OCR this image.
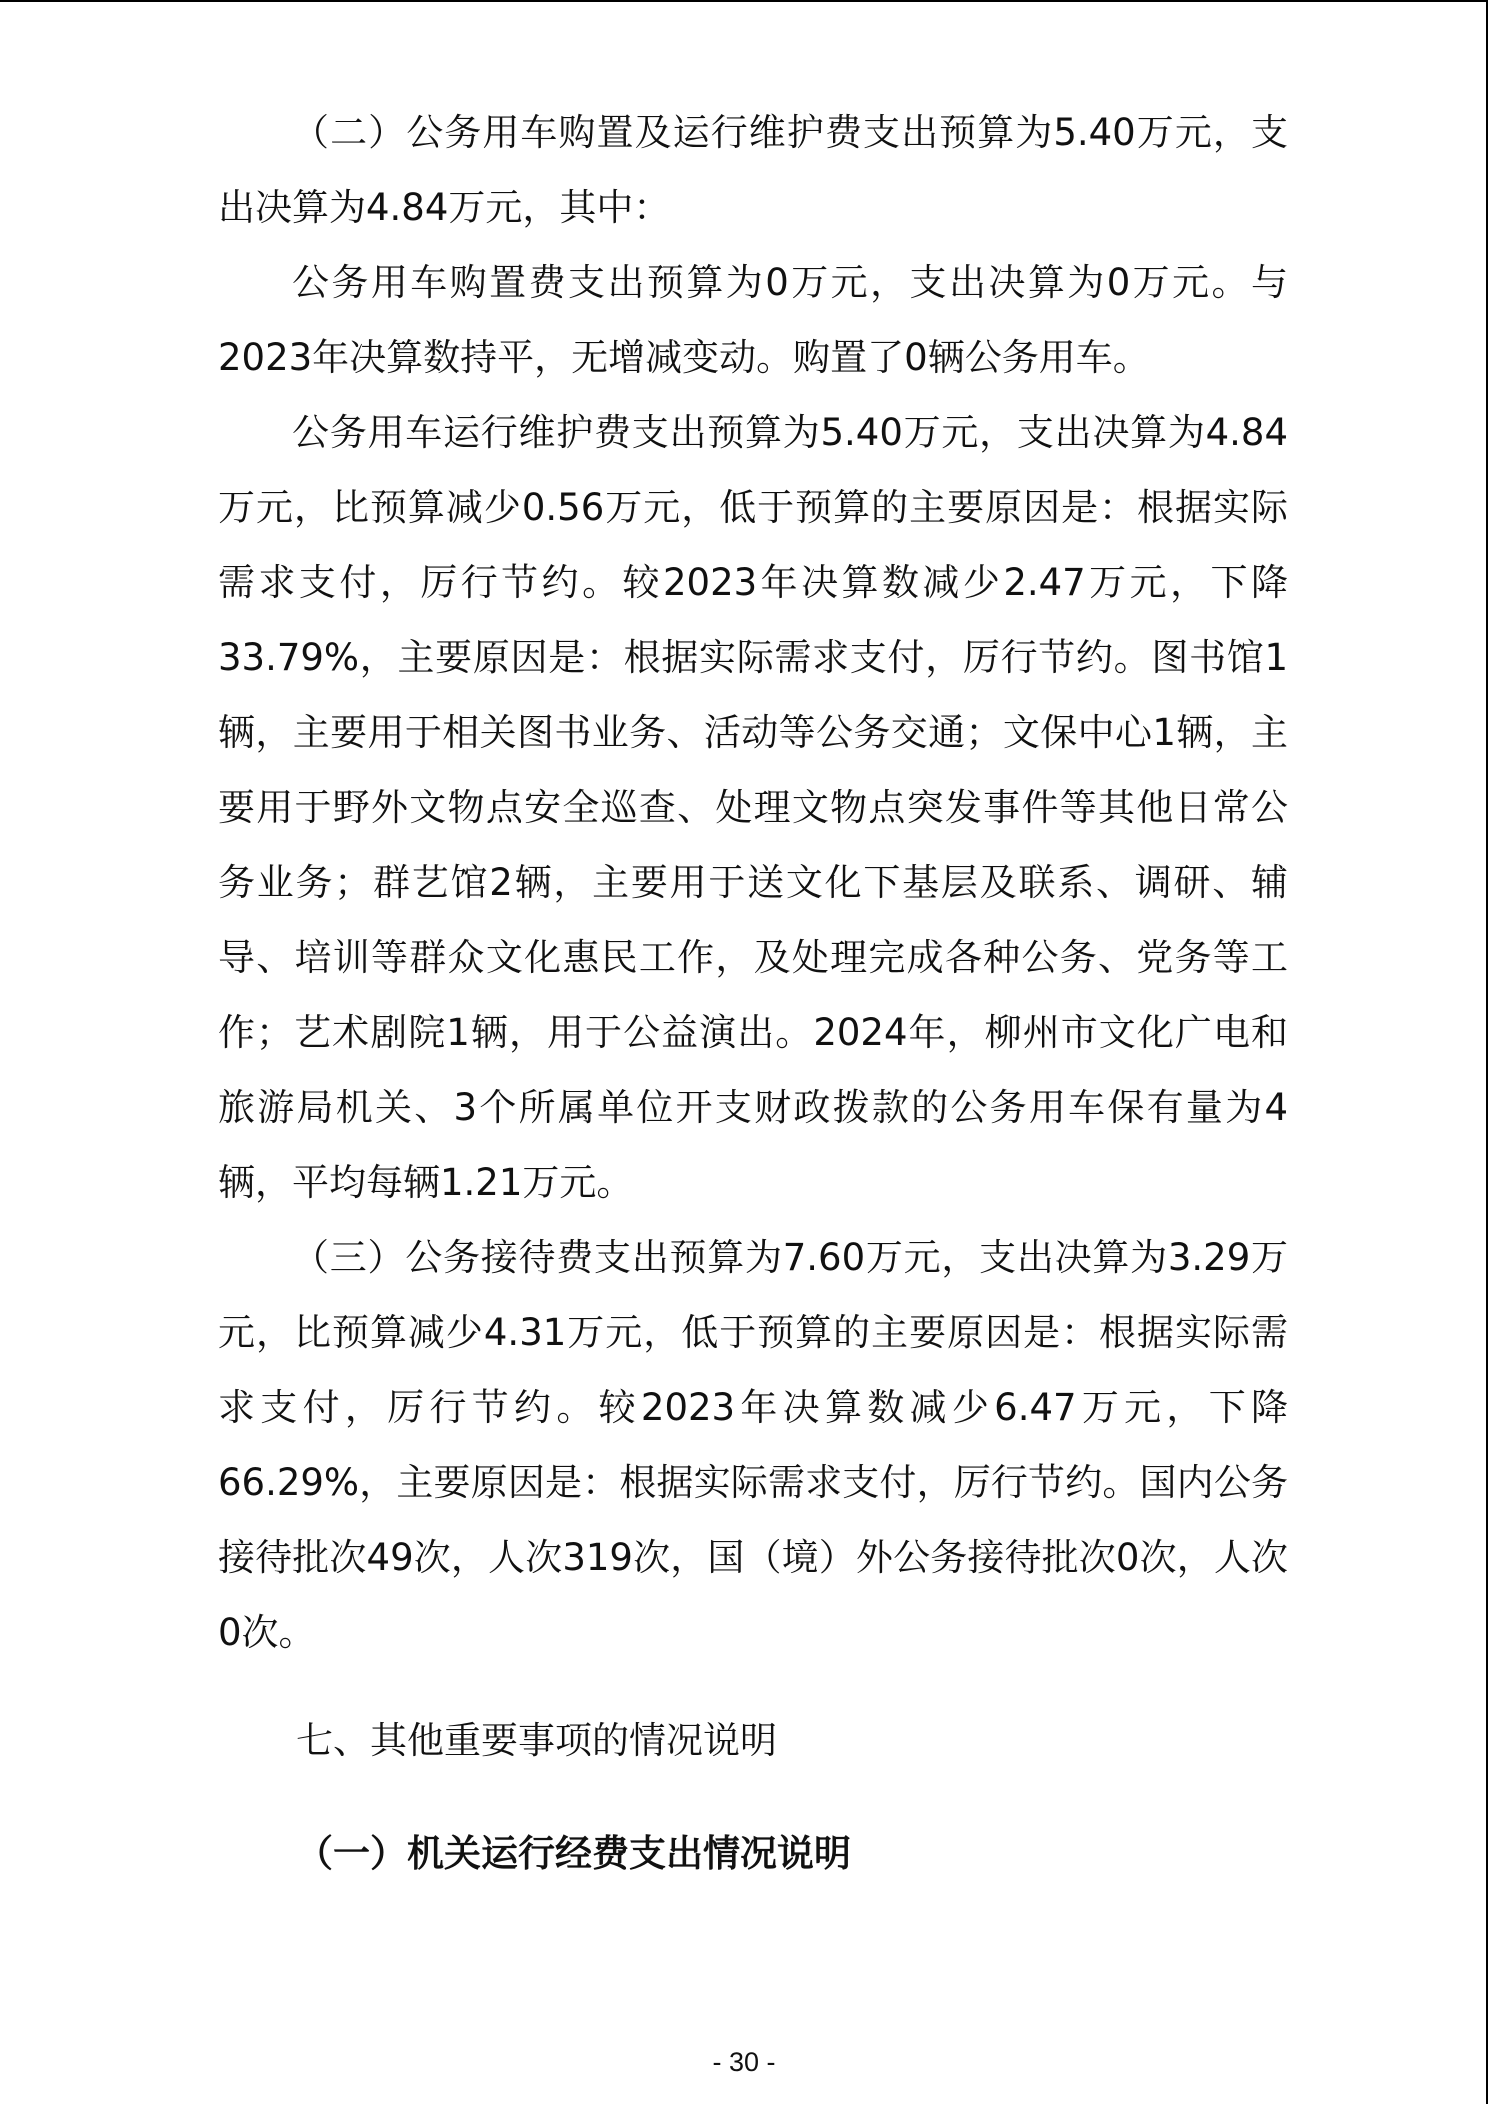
（二）公务用车购置及运行维护费支出预算为5.40万元，支出决算为4.84万元，其中：

公务用车购置费支出预算为0万元，支出决算为0万元。与2023年决算数持平，无增减变动。购置了0辆公务用车。

公务用车运行维护费支出预算为5.40万元，支出决算为4.84万元，比预算减少0.56万元，低于预算的主要原因是：根据实际需求支付，厉行节约。较2023年决算数减少2.47万元，下降33.79%，主要原因是：根据实际需求支付，厉行节约。图书馆1辆，主要用于相关图书业务、活动等公务交通；文保中心1辆，主要用于野外文物点安全巡查、处理文物点突发事件等其他日常公务业务；群艺馆2辆，主要用于送文化下基层及联系、调研、辅导、培训等群众文化惠民工作，及处理完成各种公务、党务等工作；艺术剧院1辆，用于公益演出。2024年，柳州市文化广电和旅游局机关、3个所属单位开支财政拨款的公务用车保有量为4辆，平均每辆1.21万元。

（三）公务接待费支出预算为7.60万元，支出决算为3.29万元，比预算减少4.31万元，低于预算的主要原因是：根据实际需求支付，厉行节约。较2023年决算数减少6.47万元，下降66.29%，主要原因是：根据实际需求支付，厉行节约。国内公务接待批次49次，人次319次，国（境）外公务接待批次0次，人次0次。

七、其他重要事项的情况说明
（一）机关运行经费支出情况说明
- 30 -
